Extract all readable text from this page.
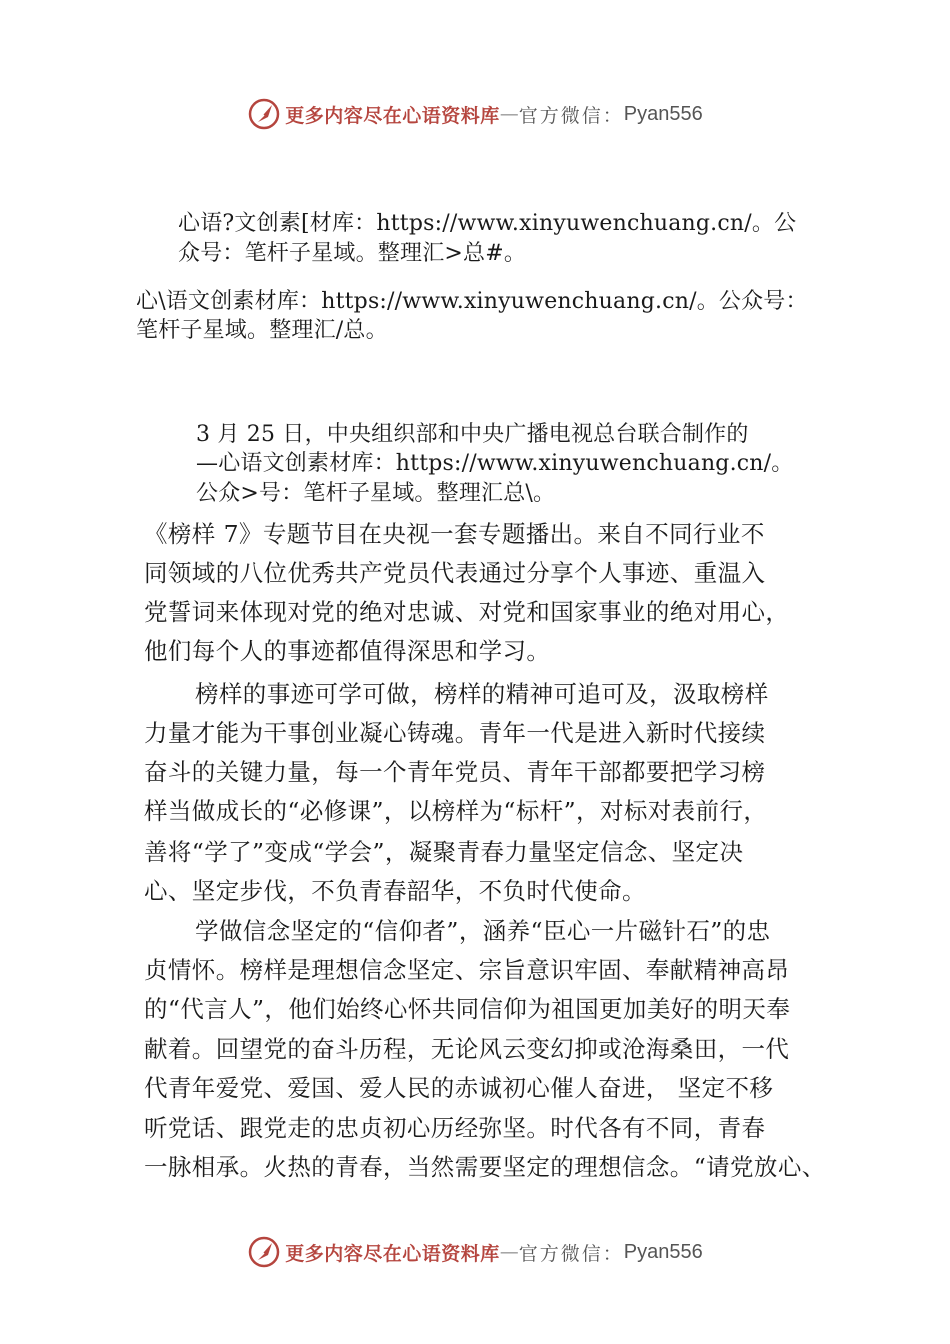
更多内容尽在心语资料库 — 官方微信： Pyan556
心语?文创素[材库：https://www.xinyuwenchuang.cn/。公
众号：笔杆子星域。整理汇>总#。
心\语文创素材库：https://www.xinyuwenchuang.cn/。公众号：
笔杆子星域。整理汇/总。
3 月 25 日，中央组织部和中央广播电视总台联合制作的
—心语文创素材库：https://www.xinyuwenchuang.cn/。
公众>号：笔杆子星域。整理汇总\。
《榜样 7》专题节目在央视一套专题播出。来自不同行业不
同领域的八位优秀共产党员代表通过分享个人事迹、重温入
党誓词来体现对党的绝对忠诚、对党和国家事业的绝对用心，
他们每个人的事迹都值得深思和学习。
榜样的事迹可学可做，榜样的精神可追可及，汲取榜样
力量才能为干事创业凝心铸魂。青年一代是进入新时代接续
奋斗的关键力量，每一个青年党员、青年干部都要把学习榜
样当做成长的“必修课”，以榜样为“标杆”，对标对表前行，
善将“学了”变成“学会”，凝聚青春力量坚定信念、坚定决
心、坚定步伐，不负青春韶华，不负时代使命。
学做信念坚定的“信仰者”，涵养“臣心一片磁针石”的忠
贞情怀。榜样是理想信念坚定、宗旨意识牢固、奉献精神高昂
的“代言人”，他们始终心怀共同信仰为祖国更加美好的明天奉
献着。回望党的奋斗历程，无论风云变幻抑或沧海桑田，一代
代青年爱党、爱国、爱人民的赤诚初心催人奋进， 坚定不移
听党话、跟党走的忠贞初心历经弥坚。时代各有不同，青春
一脉相承。火热的青春，当然需要坚定的理想信念。“请党放心、
更多内容尽在心语资料库 — 官方微信： Pyan556
